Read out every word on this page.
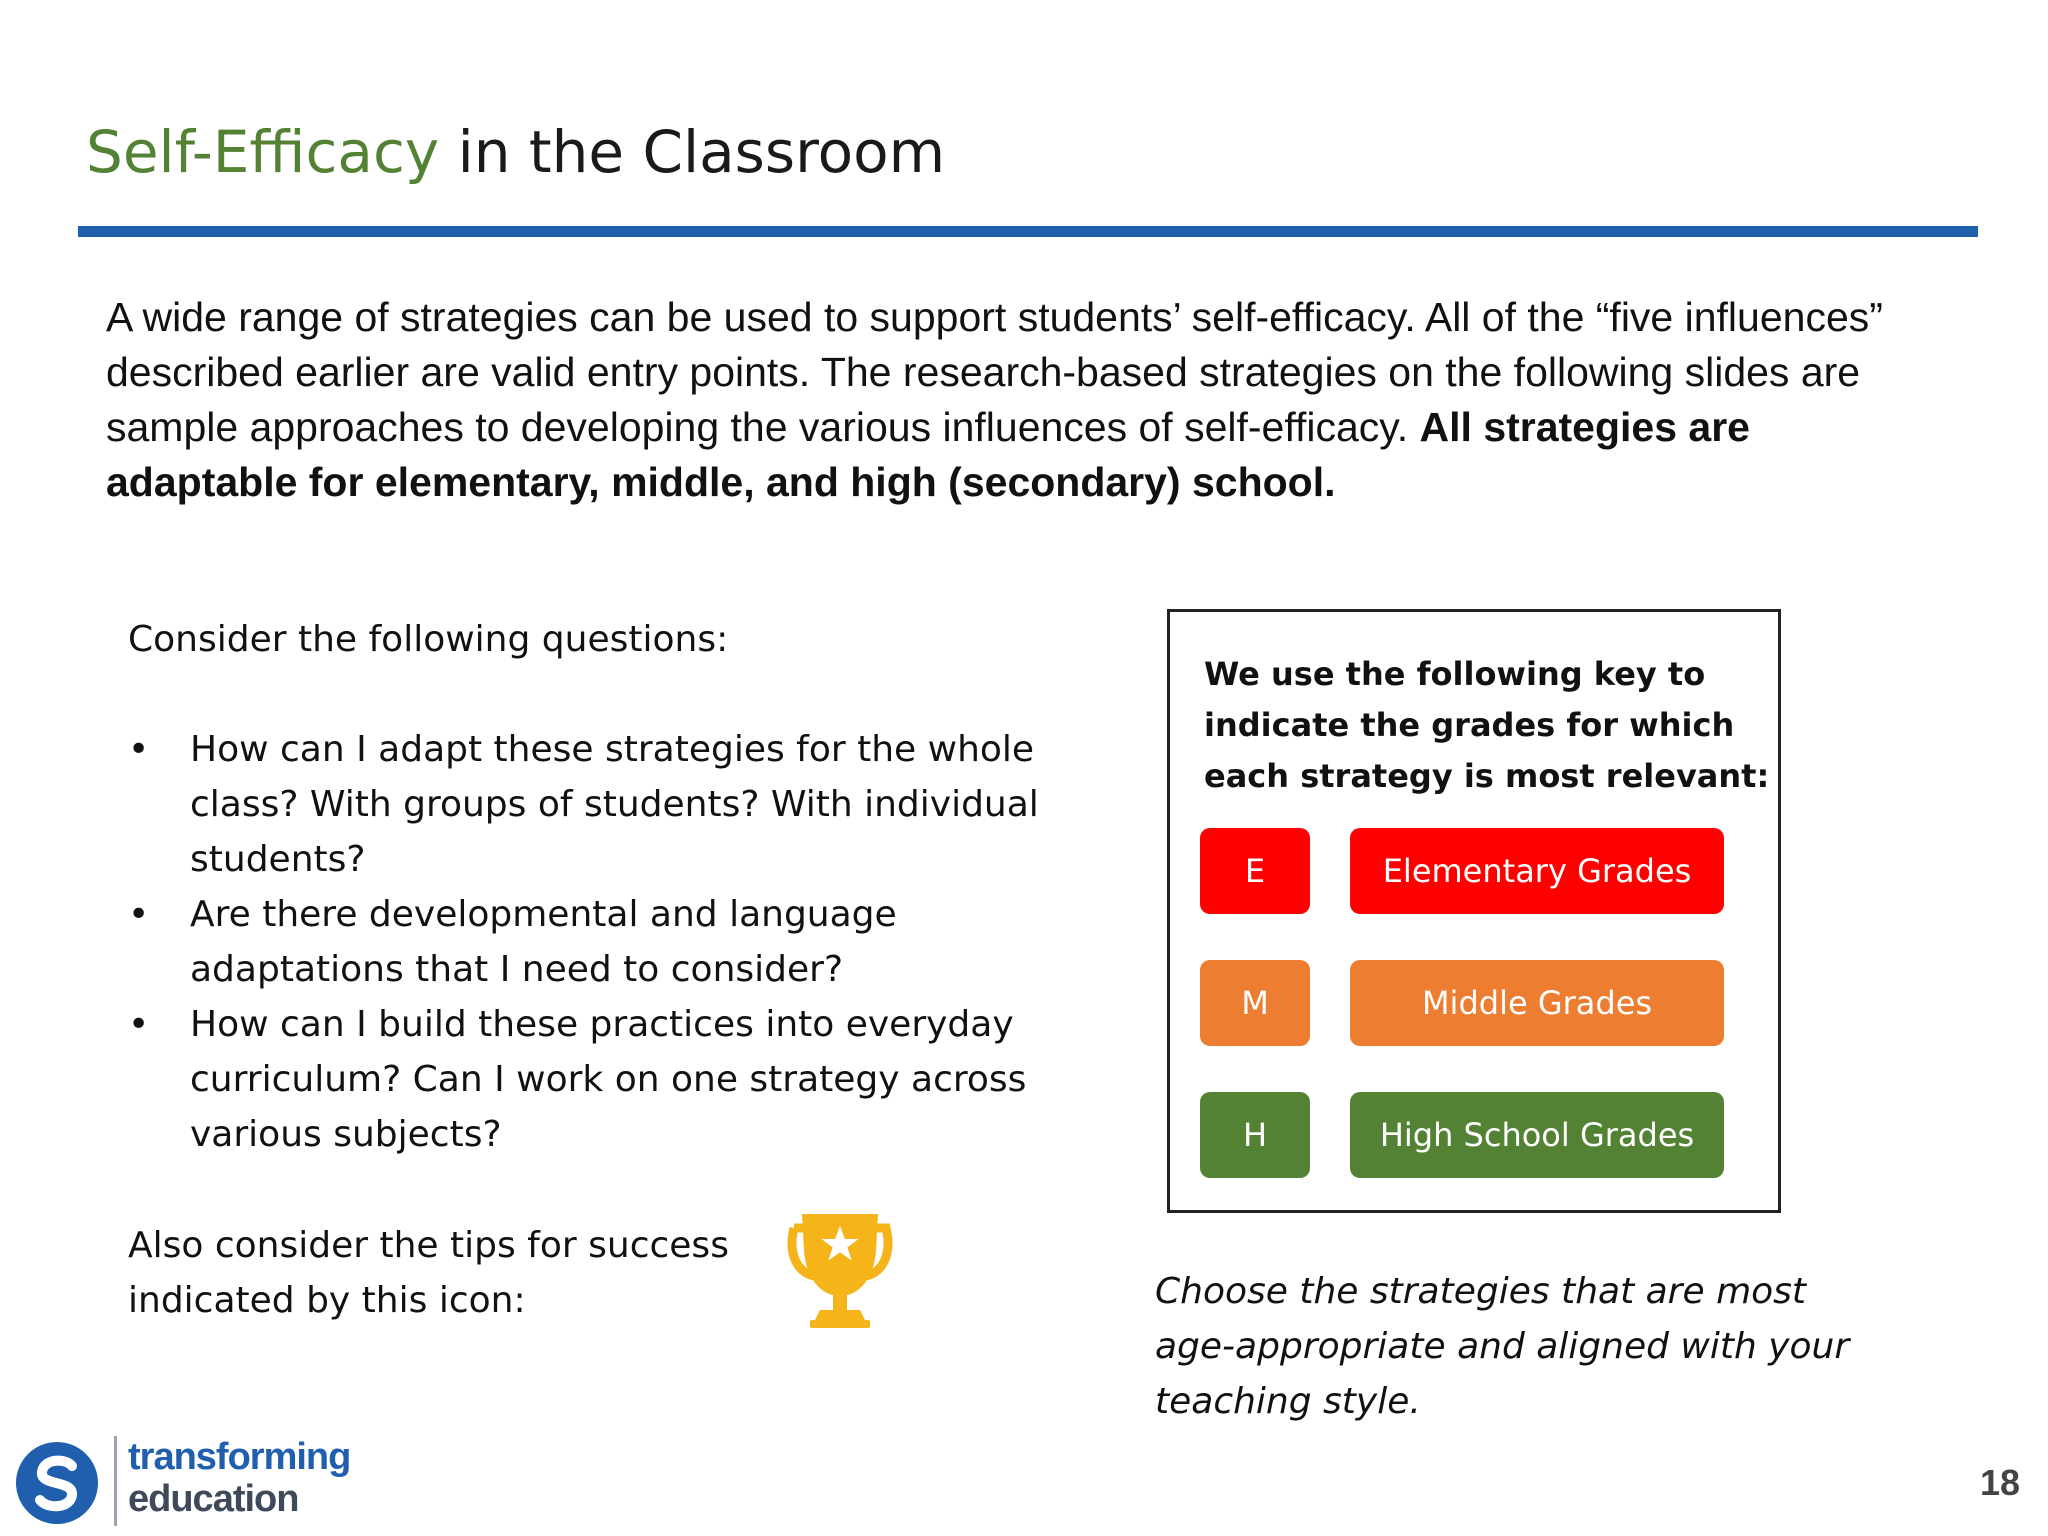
Self-Efficacy in the Classroom
A wide range of strategies can be used to support students’ self-efficacy. All of the “five influences” described earlier are valid entry points. The research-based strategies on the following slides are sample approaches to developing the various influences of self-efficacy. All strategies are adaptable for elementary, middle, and high (secondary) school.

Consider the following questions:

• How can I adapt these strategies for the whole class? With groups of students? With individual students?
• Are there developmental and language adaptations that I need to consider?
• How can I build these practices into everyday curriculum? Can I work on one strategy across various subjects?
Also consider the tips for success indicated by this icon:
We use the following key to indicate the grades for which each strategy is most relevant:
E	Elementary Grades
M	Middle Grades
H	High School Grades
Choose the strategies that are most age-appropriate and aligned with your teaching style.
transforming
education	18
